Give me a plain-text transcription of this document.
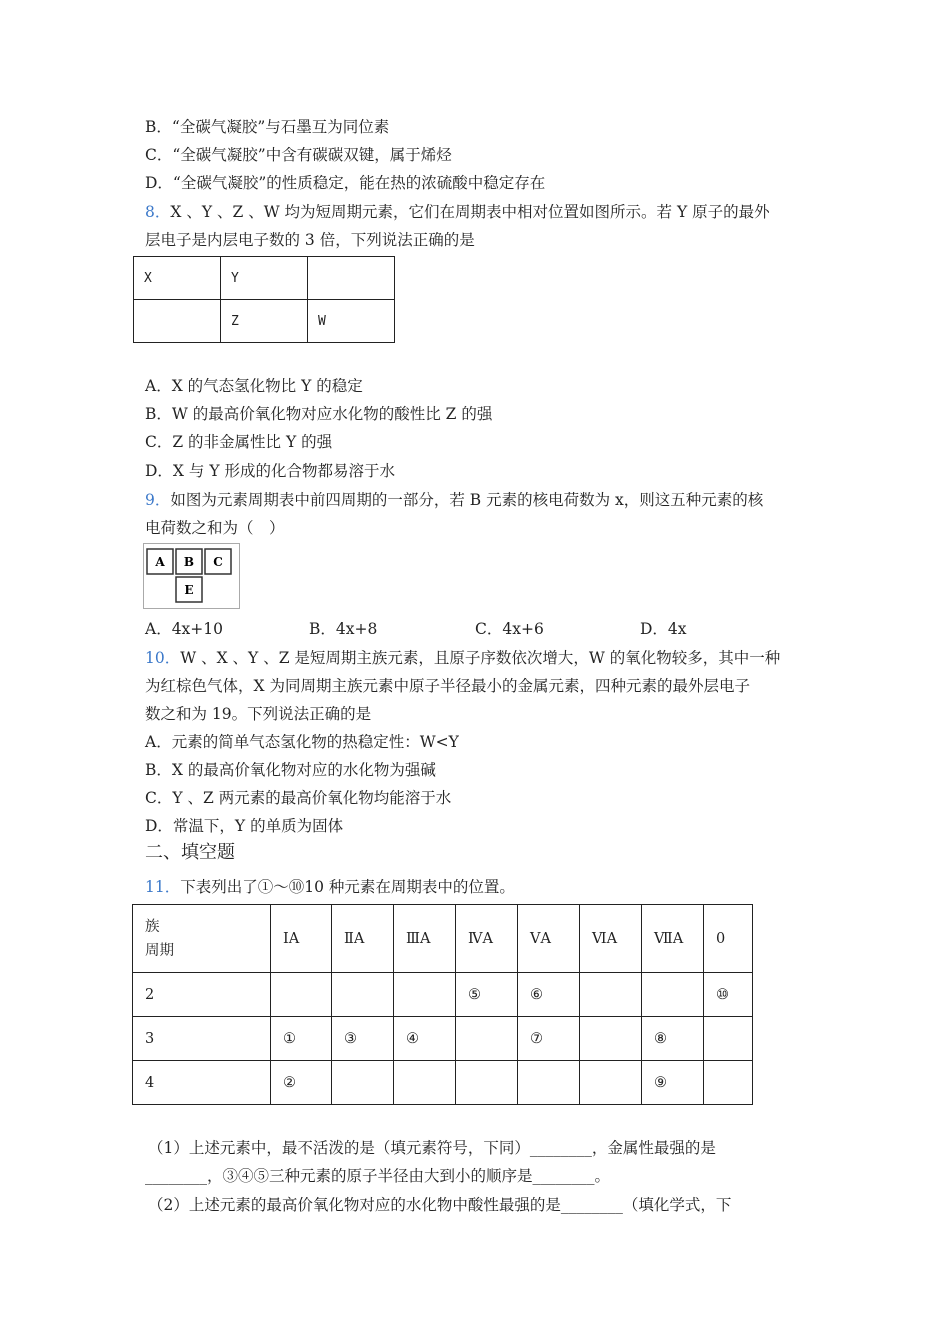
B．“全碳气凝胶”与石墨互为同位素
C．“全碳气凝胶”中含有碳碳双键，属于烯烃
D．“全碳气凝胶”的性质稳定，能在热的浓硫酸中稳定存在
8．X 、Y 、Z 、W 均为短周期元素，它们在周期表中相对位置如图所示。若 Y 原子的最外
层电子是内层电子数的 3 倍，下列说法正确的是
X	Y	
	Z	W
A．X 的气态氢化物比 Y 的稳定
B．W 的最高价氧化物对应水化物的酸性比 Z 的强
C．Z 的非金属性比 Y 的强
D．X 与 Y 形成的化合物都易溶于水
9．如图为元素周期表中前四周期的一部分，若 B 元素的核电荷数为 x，则这五种元素的核
电荷数之和为（　）
A B C
E
A．4x+10	B．4x+8	C．4x+6	D．4x
10．W 、X 、Y 、Z 是短周期主族元素，且原子序数依次增大，W 的氧化物较多，其中一种
为红棕色气体，X 为同周期主族元素中原子半径最小的金属元素，四种元素的最外层电子
数之和为 19。下列说法正确的是
A．元素的简单气态氢化物的热稳定性：W<Y
B．X 的最高价氧化物对应的水化物为强碱
C．Y 、Z 两元素的最高价氧化物均能溶于水
D．常温下，Y 的单质为固体
二、填空题
11．下表列出了①～⑩10 种元素在周期表中的位置。
族
周期	ⅠA	ⅡA	ⅢA	ⅣA	ⅤA	ⅥA	ⅦA	0
2				⑤	⑥			⑩
3	①	③	④		⑦		⑧	
4	②						⑨	
（1）上述元素中，最不活泼的是（填元素符号，下同）________，金属性最强的是
________，③④⑤三种元素的原子半径由大到小的顺序是________。
（2）上述元素的最高价氧化物对应的水化物中酸性最强的是________（填化学式，下
